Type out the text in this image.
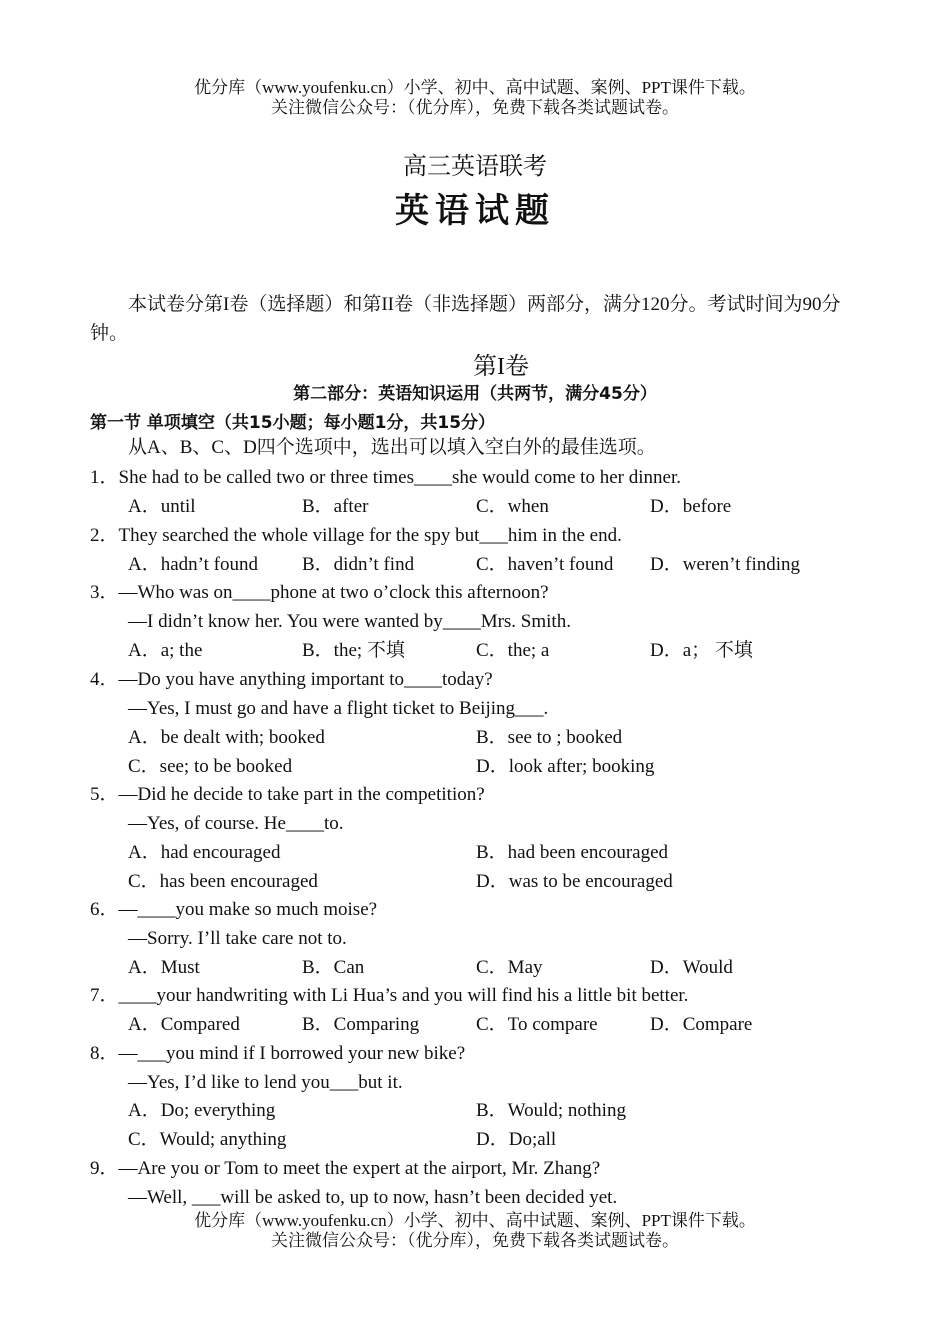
优分库（www.youfenku.cn）小学、初中、高中试题、案例、PPT课件下载。
关注微信公众号：（优分库），免费下载各类试题试卷。
高三英语联考
英语试题
本试卷分第I卷（选择题）和第II卷（非选择题）两部分，满分120分。考试时间为90分钟。
第I卷
第二部分：英语知识运用（共两节，满分45分）
第一节 单项填空（共15小题；每小题1分，共15分）
从A、B、C、D四个选项中，选出可以填入空白外的最佳选项。
1．She had to be called two or three times____she would come to her dinner.
A．until	B．after	C．when	D．before
2．They searched the whole village for the spy but___him in the end.
A．hadn’t found B．didn’t find	C．haven’t found D．weren’t finding
3．—Who was on____phone at two o’clock this afternoon?
—I didn’t know her. You were wanted by____Mrs. Smith.
A．a; the	B．the; 不填	C．the; a	D．a； 不填
4．—Do you have anything important to____today?
—Yes, I must go and have a flight ticket to Beijing___.
A．be dealt with; booked	B．see to ; booked
C．see; to be booked	D．look after; booking
5．—Did he decide to take part in the competition?
—Yes, of course. He____to.
A．had encouraged	B．had been encouraged
C．has been encouraged	D．was to be encouraged
6．—____you make so much moise?
—Sorry. I’ll take care not to.
A．Must	B．Can	C．May	D．Would
7．____your handwriting with Li Hua’s and you will find his a little bit better.
A．Compared	B．Comparing	C．To compare	D．Compare
8．—___you mind if I borrowed your new bike?
—Yes, I’d like to lend you___but it.
A．Do; everything	B．Would; nothing
C．Would; anything	D．Do;all
9．—Are you or Tom to meet the expert at the airport, Mr. Zhang?
—Well, ___will be asked to, up to now, hasn’t been decided yet.
优分库（www.youfenku.cn）小学、初中、高中试题、案例、PPT课件下载。
关注微信公众号：（优分库），免费下载各类试题试卷。
